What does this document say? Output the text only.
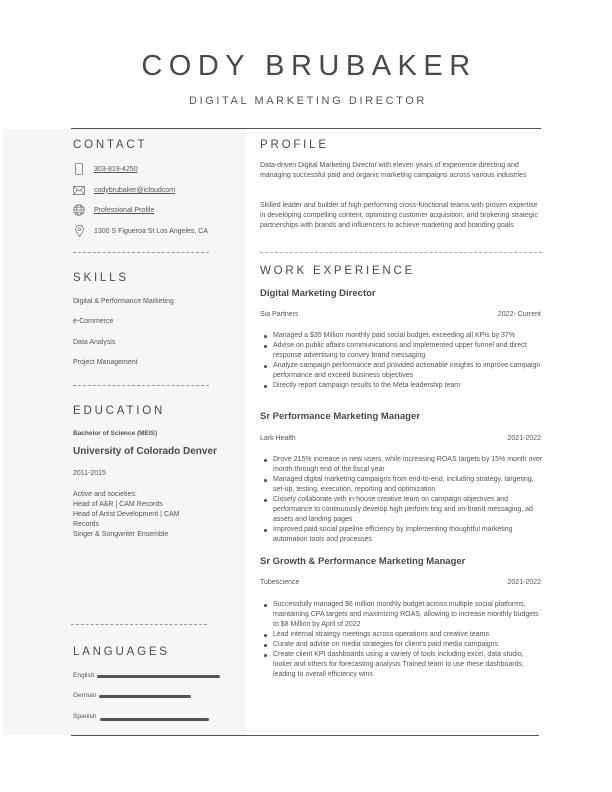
CODY BRUBAKER
DIGITAL MARKETING DIRECTOR
CONTACT
303-819-4250
codybrubaker@icloudcom
Professional Profile
1300 S Figueroa St Los Angeles, CA
SKILLS
Digital & Performance Marketing
e-Commerce
Data Analysis
Project Management
EDUCATION
Bachelor of Science (MEIS)
University of Colorado Denver
2011-2015
Active and societies:
Head of A&R | CAM Records
Head of Artist Development | CAM Records
Singer & Songwriter Ensemble
LANGUAGES
English
German
Spanish
PROFILE
Data-driven Digital Marketing Director with eleven years of experience directing and managing successful paid and organic marketing campaigns across various industries
Skilled leader and builder of high-performing cross-functional teams with proven expertise in developing compelling content, optimizing customer acquisition, and brokering strategic partnerships with brands and influencers to achieve marketing and branding goals
WORK EXPERIENCE
Digital Marketing Director
Sia Partners	2022- Current
Managed a $35 Million monthly paid social budget, exceeding all KPIs by 37%
Advise on public affairs communications and implemented upper funnel and direct response advertising to convey brand messaging
Analyze campaign performance and provided actionable insights to improve campaign performance and exceed business objectives
Directly report campaign results to the Meta leadership team
Sr Performance Marketing Manager
Lark Health	2021-2022
Drove 215% increase in new users, while increasing ROAS targets by 15% month over month through end of the fiscal year
Managed digital marketing campaigns from end-to-end, including strategy, targeting, set-up, testing, execution, reporting and optimization
Closely collaborate with in-house creative team on campaign objectives and performance to continuously develop high perform ting and on-brand messaging, ad assets and landing pages
Improved paid social pipeline efficiency by implementing thoughtful marketing automation tools and processes
Sr Growth & Performance Marketing Manager
Tubescience	2021-2022
Successfully managed $6 million monthly budget across multiple social platforms, maintaining CPA targets and maximizing ROAS, allowing to increase monthly budgets to $8 Million by April of 2022
Lead internal strategy meetings across operations and creative teams
Curate and advise on media strategies for client's paid media campaigns
Create client KPI dashboards using a variety of tools including excel, data studio, looker and others for forecasting analysis Trained team to use these dashboards, leading to overall efficiency wins
